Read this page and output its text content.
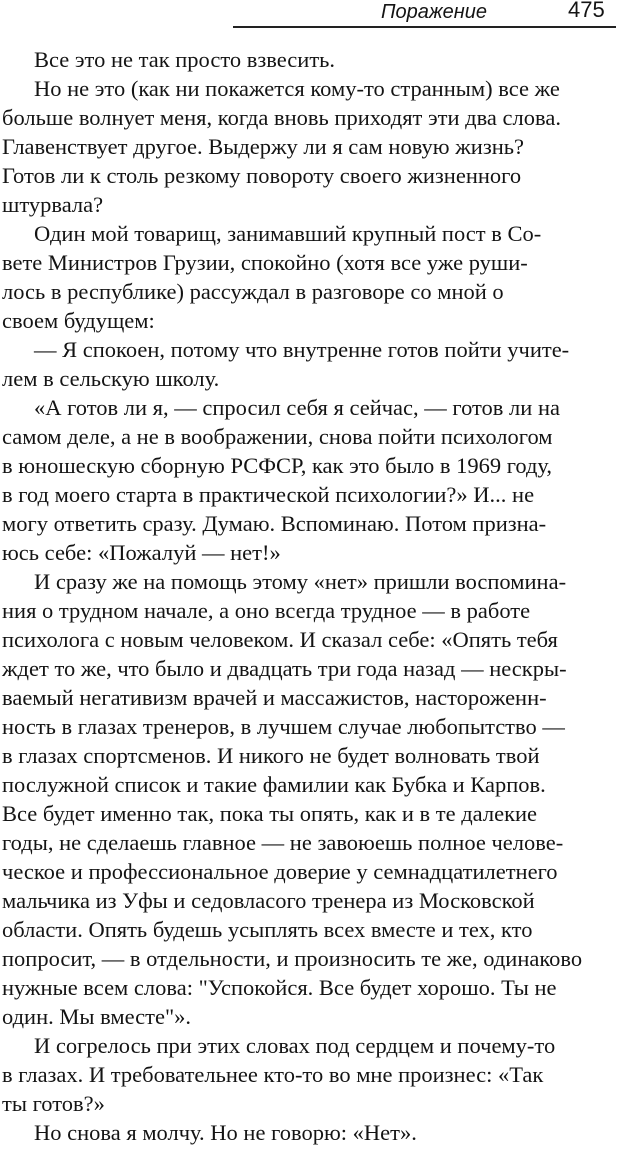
Поражение	475
Все это не так просто взвесить.
Но не это (как ни покажется кому-то странным) все же
больше волнует меня, когда вновь приходят эти два слова.
Главенствует другое. Выдержу ли я сам новую жизнь?
Готов ли к столь резкому повороту своего жизненного
штурвала?
Один мой товарищ, занимавший крупный пост в Со-
вете Министров Грузии, спокойно (хотя все уже руши-
лось в республике) рассуждал в разговоре со мной о
своем будущем:
— Я спокоен, потому что внутренне готов пойти учите-
лем в сельскую школу.
«А готов ли я, — спросил себя я сейчас, — готов ли на
самом деле, а не в воображении, снова пойти психологом
в юношескую сборную РСФСР, как это было в 1969 году,
в год моего старта в практической психологии?» И... не
могу ответить сразу. Думаю. Вспоминаю. Потом призна-
юсь себе: «Пожалуй — нет!»
И сразу же на помощь этому «нет» пришли воспомина-
ния о трудном начале, а оно всегда трудное — в работе
психолога с новым человеком. И сказал себе: «Опять тебя
ждет то же, что было и двадцать три года назад — нескры-
ваемый негативизм врачей и массажистов, настороженн-
ность в глазах тренеров, в лучшем случае любопытство —
в глазах спортсменов. И никого не будет волновать твой
послужной список и такие фамилии как Бубка и Карпов.
Все будет именно так, пока ты опять, как и в те далекие
годы, не сделаешь главное — не завоюешь полное челове-
ческое и профессиональное доверие у семнадцатилетнего
мальчика из Уфы и седовласого тренера из Московской
области. Опять будешь усыплять всех вместе и тех, кто
попросит, — в отдельности, и произносить те же, одинаково
нужные всем слова: "Успокойся. Все будет хорошо. Ты не
один. Мы вместе"».
И согрелось при этих словах под сердцем и почему-то
в глазах. И требовательнее кто-то во мне произнес: «Так
ты готов?»
Но снова я молчу. Но не говорю: «Нет».
